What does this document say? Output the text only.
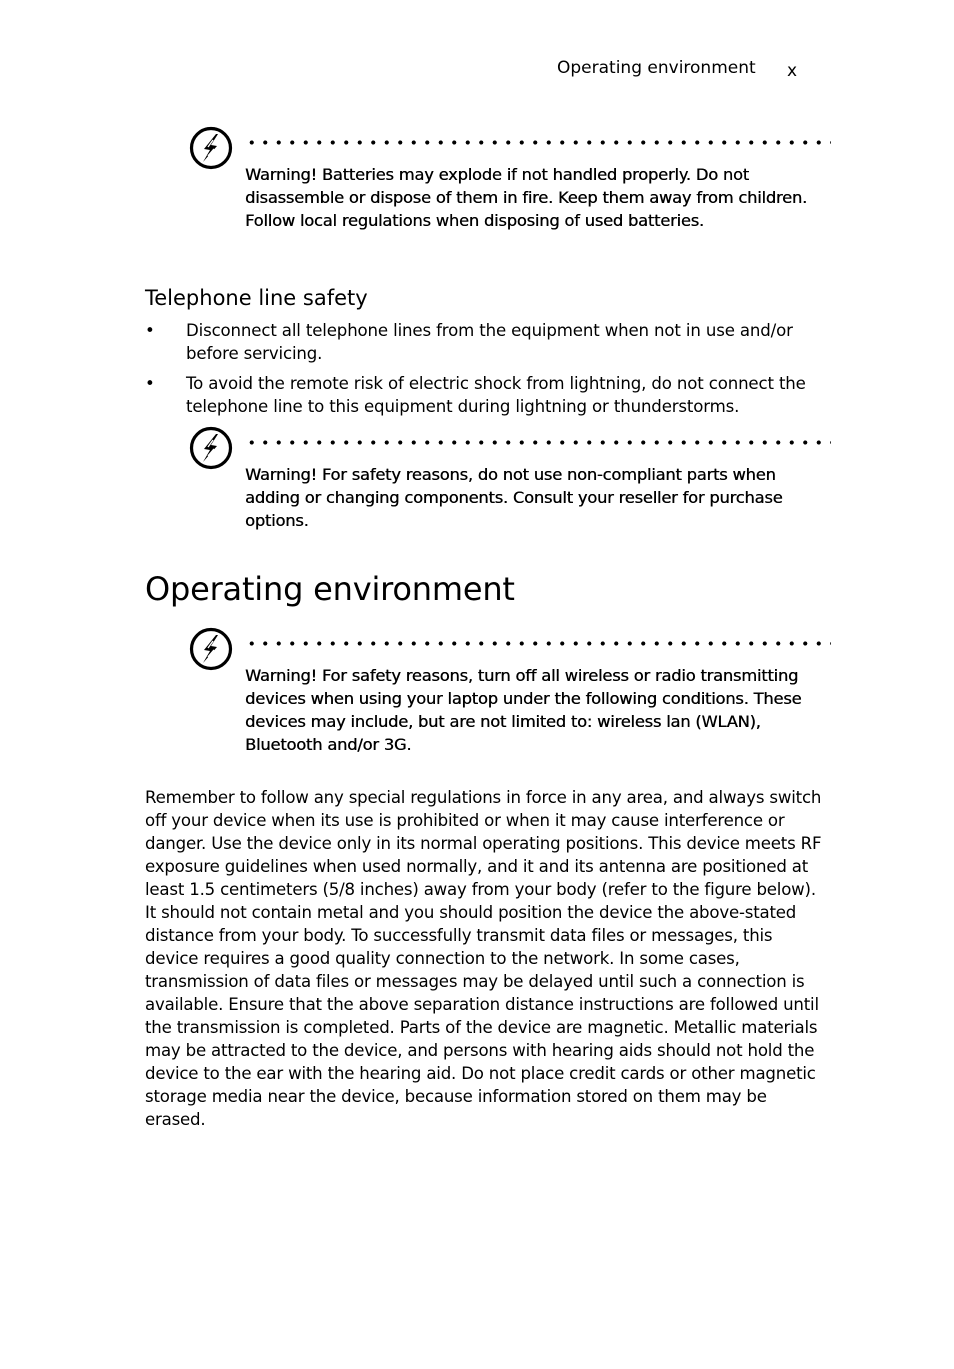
Operating environment x
Warning! Batteries may explode if not handled properly. Do not disassemble or dispose of them in fire. Keep them away from children. Follow local regulations when disposing of used batteries.
Telephone line safety
• Disconnect all telephone lines from the equipment when not in use and/or before servicing.
• To avoid the remote risk of electric shock from lightning, do not connect the telephone line to this equipment during lightning or thunderstorms.
Warning! For safety reasons, do not use non-compliant parts when adding or changing components. Consult your reseller for purchase options.
Operating environment
Warning! For safety reasons, turn off all wireless or radio transmitting devices when using your laptop under the following conditions. These devices may include, but are not limited to: wireless lan (WLAN), Bluetooth and/or 3G.

Remember to follow any special regulations in force in any area, and always switch off your device when its use is prohibited or when it may cause interference or danger. Use the device only in its normal operating positions. This device meets RF exposure guidelines when used normally, and it and its antenna are positioned at least 1.5 centimeters (5/8 inches) away from your body (refer to the figure below). It should not contain metal and you should position the device the above-stated distance from your body. To successfully transmit data files or messages, this device requires a good quality connection to the network. In some cases, transmission of data files or messages may be delayed until such a connection is available. Ensure that the above separation distance instructions are followed until the transmission is completed. Parts of the device are magnetic. Metallic materials may be attracted to the device, and persons with hearing aids should not hold the device to the ear with the hearing aid. Do not place credit cards or other magnetic storage media near the device, because information stored on them may be erased.
